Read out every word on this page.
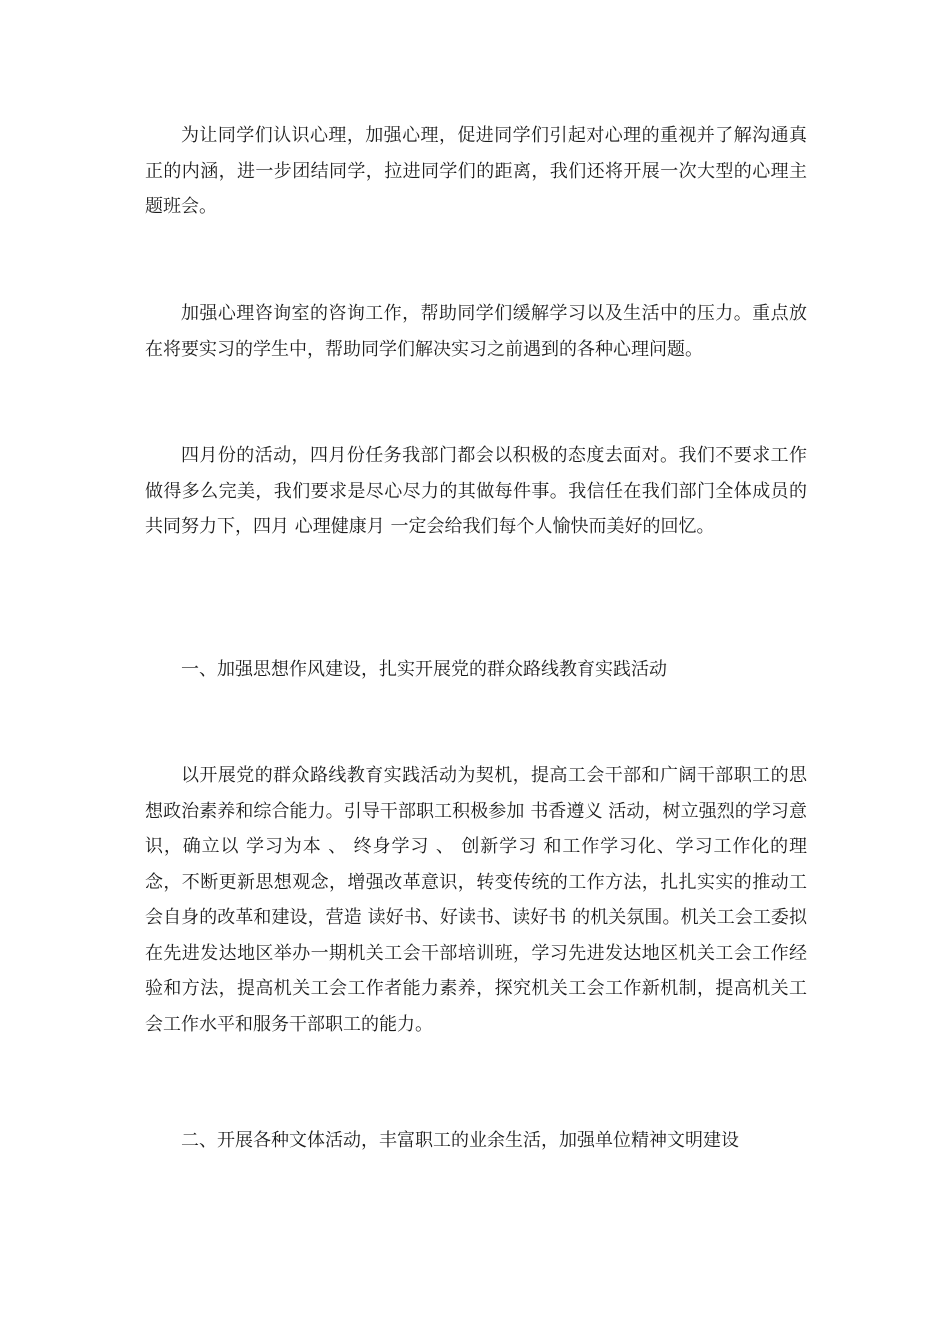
为让同学们认识心理，加强心理，促进同学们引起对心理的重视并了解沟通真正的内涵，进一步团结同学，拉进同学们的距离，我们还将开展一次大型的心理主题班会。

加强心理咨询室的咨询工作，帮助同学们缓解学习以及生活中的压力。重点放在将要实习的学生中，帮助同学们解决实习之前遇到的各种心理问题。

四月份的活动，四月份任务我部门都会以积极的态度去面对。我们不要求工作做得多么完美，我们要求是尽心尽力的其做每件事。我信任在我们部门全体成员的共同努力下，四月 心理健康月 一定会给我们每个人愉快而美好的回忆。

一、加强思想作风建设，扎实开展党的群众路线教育实践活动

以开展党的群众路线教育实践活动为契机，提高工会干部和广阔干部职工的思想政治素养和综合能力。引导干部职工积极参加 书香遵义 活动，树立强烈的学习意识，确立以 学习为本 、 终身学习 、 创新学习 和工作学习化、学习工作化的理念，不断更新思想观念，增强改革意识，转变传统的工作方法，扎扎实实的推动工会自身的改革和建设，营造 读好书、好读书、读好书 的机关氛围。机关工会工委拟在先进发达地区举办一期机关工会干部培训班，学习先进发达地区机关工会工作经验和方法，提高机关工会工作者能力素养，探究机关工会工作新机制，提高机关工会工作水平和服务干部职工的能力。

二、开展各种文体活动，丰富职工的业余生活，加强单位精神文明建设
